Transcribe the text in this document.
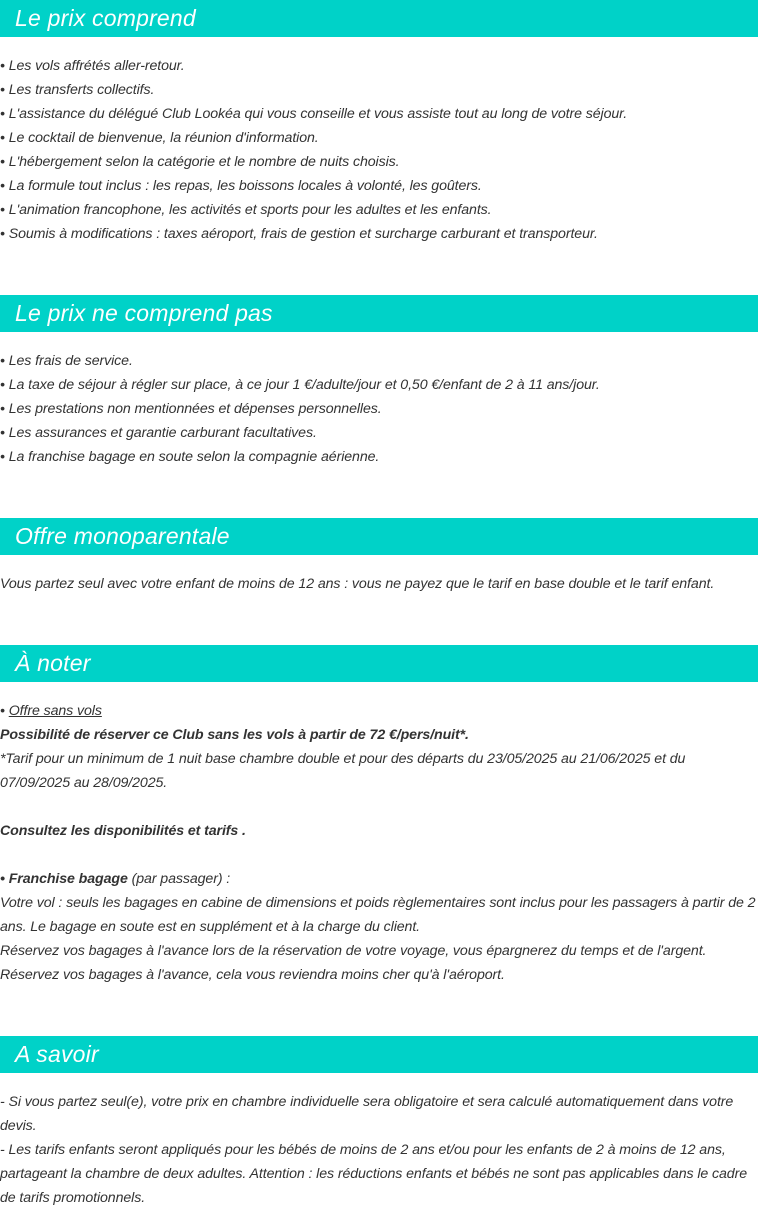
Le prix comprend
• Les vols affrétés aller-retour.
• Les transferts collectifs.
• L'assistance du délégué Club Lookéa qui vous conseille et vous assiste tout au long de votre séjour.
• Le cocktail de bienvenue, la réunion d'information.
• L'hébergement selon la catégorie et le nombre de nuits choisis.
• La formule tout inclus : les repas, les boissons locales à volonté, les goûters.
• L'animation francophone, les activités et sports pour les adultes et les enfants.
• Soumis à modifications : taxes aéroport, frais de gestion et surcharge carburant et transporteur.
Le prix ne comprend pas
• Les frais de service.
• La taxe de séjour à régler sur place, à ce jour 1 €/adulte/jour et 0,50 €/enfant de 2 à 11 ans/jour.
• Les prestations non mentionnées et dépenses personnelles.
• Les assurances et garantie carburant facultatives.
• La franchise bagage en soute selon la compagnie aérienne.
Offre monoparentale
Vous partez seul avec votre enfant de moins de 12 ans : vous ne payez que le tarif en base double et le tarif enfant.
À noter
• Offre sans vols
Possibilité de réserver ce Club sans les vols à partir de 72 €/pers/nuit*.
*Tarif pour un minimum de 1 nuit base chambre double et pour des départs du 23/05/2025 au 21/06/2025 et du 07/09/2025 au 28/09/2025.
Consultez les disponibilités et tarifs .
• Franchise bagage (par passager) :
Votre vol : seuls les bagages en cabine de dimensions et poids règlementaires sont inclus pour les passagers à partir de 2 ans. Le bagage en soute est en supplément et à la charge du client.
Réservez vos bagages à l'avance lors de la réservation de votre voyage, vous épargnerez du temps et de l'argent.
Réservez vos bagages à l'avance, cela vous reviendra moins cher qu'à l'aéroport.
A savoir
- Si vous partez seul(e), votre prix en chambre individuelle sera obligatoire et sera calculé automatiquement dans votre devis.
- Les tarifs enfants seront appliqués pour les bébés de moins de 2 ans et/ou pour les enfants de 2 à moins de 12 ans, partageant la chambre de deux adultes. Attention : les réductions enfants et bébés ne sont pas applicables dans le cadre de tarifs promotionnels.
